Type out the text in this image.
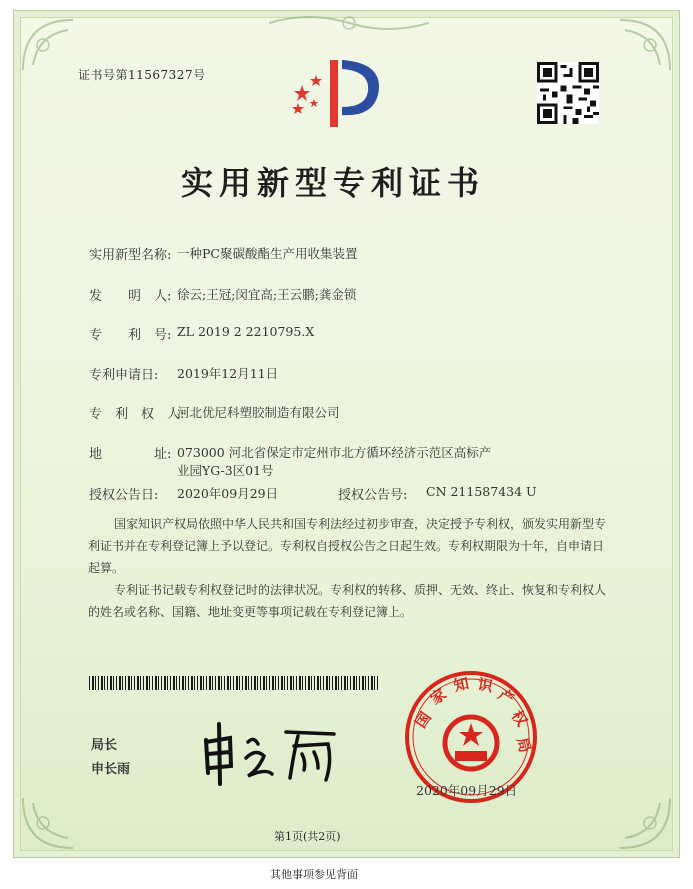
证书号第11567327号
实用新型专利证书
实用新型名称: 一种PC聚碳酸酯生产用收集装置
发　　明　人: 徐云;王冠;闵宜高;王云鹏;龚金锁
专　　利　号: ZL 2019 2 2210795.X
专利申请日: 2019年12月11日
专　利　权　人:
河北优尼科塑胶制造有限公司
地　　　　址: 073000 河北省保定市定州市北方循环经济示范区高标产
业园YG-3区01号
授权公告日: 2020年09月29日	授权公告号: CN 211587434 U
国家知识产权局依照中华人民共和国专利法经过初步审查，决定授予专利权，颁发实用新型专利证书并在专利登记簿上予以登记。专利权自授权公告之日起生效。专利权期限为十年，自申请日起算。
专利证书记载专利权登记时的法律状况。专利权的转移、质押、无效、终止、恢复和专利权人的姓名或名称、国籍、地址变更等事项记载在专利登记簿上。
局长
申长雨
国
家
知 识 产
权
局
2020年09月29日
第1页(共2页)
其他事项参见背面
